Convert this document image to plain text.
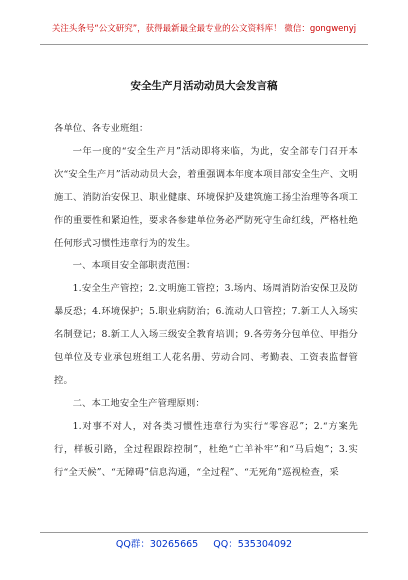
关注头条号“公文研究”，获得最新最全最专业的公文资料库！ 微信：gongwenyj
安全生产月活动动员大会发言稿

各单位、各专业班组：

一年一度的“安全生产月”活动即将来临，为此，安全部专门召开本次“安全生产月”活动动员大会，着重强调本年度本项目部安全生产、文明施工、消防治安保卫、职业健康、环境保护及建筑施工扬尘治理等各项工作的重要性和紧迫性，要求各参建单位务必严防死守生命红线，严格杜绝任何形式习惯性违章行为的发生。

一、本项目安全部职责范围：

1.安全生产管控；2.文明施工管控；3.场内、场周消防治安保卫及防暴反恐；4.环境保护；5.职业病防治；6.流动人口管控；7.新工人入场实名制登记；8.新工人入场三级安全教育培训；9.各劳务分包单位、甲指分包单位及专业承包班组工人花名册、劳动合同、考勤表、工资表监督管控。

二、本工地安全生产管理原则：

1.对事不对人，对各类习惯性违章行为实行“零容忍”；2.“方案先行，样板引路，全过程跟踪控制”，杜绝“亡羊补牢”和“马后炮”；3.实行“全天候”、“无障碍”信息沟通，“全过程”、“无死角”巡视检查，采

QQ群：30265665 QQ：535304092
